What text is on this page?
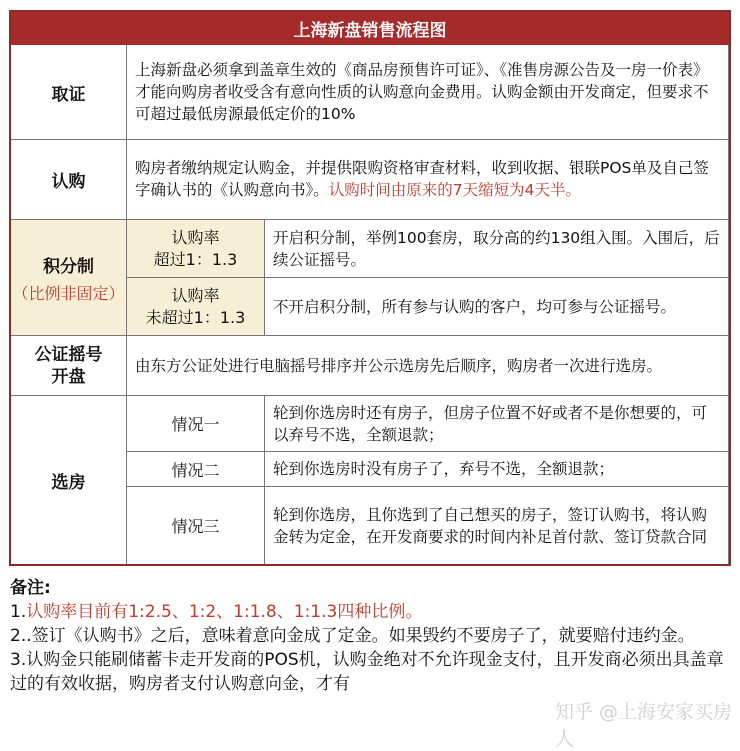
上海新盘销售流程图
取证
上海新盘必须拿到盖章生效的《商品房预售许可证》、《准售房源公告及一房一价表》才能向购房者收受含有意向性质的认购意向金费用。认购金额由开发商定，但要求不可超过最低房源最低定价的10%
认购
购房者缴纳规定认购金，并提供限购资格审查材料，收到收据、银联POS单及自己签字确认书的《认购意向书》。认购时间由原来的7天缩短为4天半。
积分制
（比例非固定）
认购率
超过1：1.3
开启积分制，举例100套房，取分高的约130组入围。入围后，后续公证摇号。
认购率
未超过1：1.3
不开启积分制，所有参与认购的客户，均可参与公证摇号。
公证摇号
开盘
由东方公证处进行电脑摇号排序并公示选房先后顺序，购房者一次进行选房。
选房
情况一
轮到你选房时还有房子，但房子位置不好或者不是你想要的，可以弃号不选，全额退款；
情况二	轮到你选房时没有房子了，弃号不选，全额退款；
情况三
轮到你选房，且你选到了自己想买的房子，签订认购书，将认购金转为定金，在开发商要求的时间内补足首付款、签订贷款合同
备注:
1.认购率目前有1:2.5、1:2、1:1.8、1:1.3四种比例。
2..签订《认购书》之后，意味着意向金成了定金。如果毁约不要房子了，就要赔付违约金。
3.认购金只能刷储蓄卡走开发商的POS机，认购金绝对不允许现金支付，且开发商必须出具盖章过的有效收据，购房者支付认购意向金，才有
知乎 @上海安家买房人
